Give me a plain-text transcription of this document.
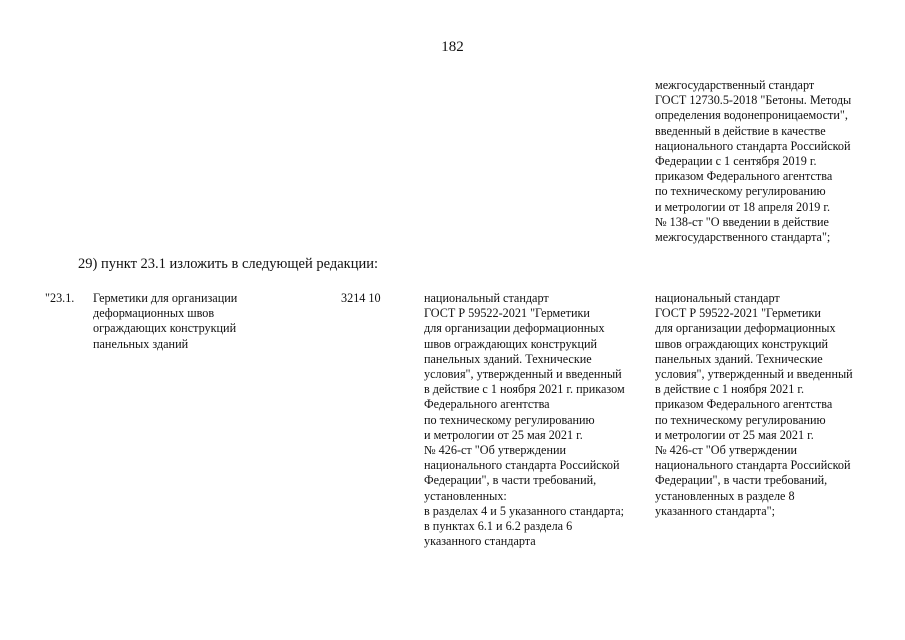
182
межгосударственный стандарт
ГОСТ 12730.5-2018 "Бетоны. Методы
определения водонепроницаемости",
введенный в действие в качестве
национального стандарта Российской
Федерации с 1 сентября 2019 г.
приказом Федерального агентства
по техническому регулированию
и метрологии от 18 апреля 2019 г.
№ 138-ст "О введении в действие
межгосударственного стандарта";
29) пункт 23.1 изложить в следующей редакции:
"23.1. Герметики для организации
деформационных швов
ограждающих конструкций
панельных зданий
3214 10	национальный стандарт
ГОСТ Р 59522-2021 "Герметики
для организации деформационных
швов ограждающих конструкций
панельных зданий. Технические
условия", утвержденный и введенный
в действие с 1 ноября 2021 г. приказом
Федерального агентства
по техническому регулированию
и метрологии от 25 мая 2021 г.
№ 426-ст "Об утверждении
национального стандарта Российской
Федерации", в части требований,
установленных:
в разделах 4 и 5 указанного стандарта;
в пунктах 6.1 и 6.2 раздела 6
указанного стандарта
национальный стандарт
ГОСТ Р 59522-2021 "Герметики
для организации деформационных
швов ограждающих конструкций
панельных зданий. Технические
условия", утвержденный и введенный
в действие с 1 ноября 2021 г.
приказом Федерального агентства
по техническому регулированию
и метрологии от 25 мая 2021 г.
№ 426-ст "Об утверждении
национального стандарта Российской
Федерации", в части требований,
установленных в разделе 8
указанного стандарта";
